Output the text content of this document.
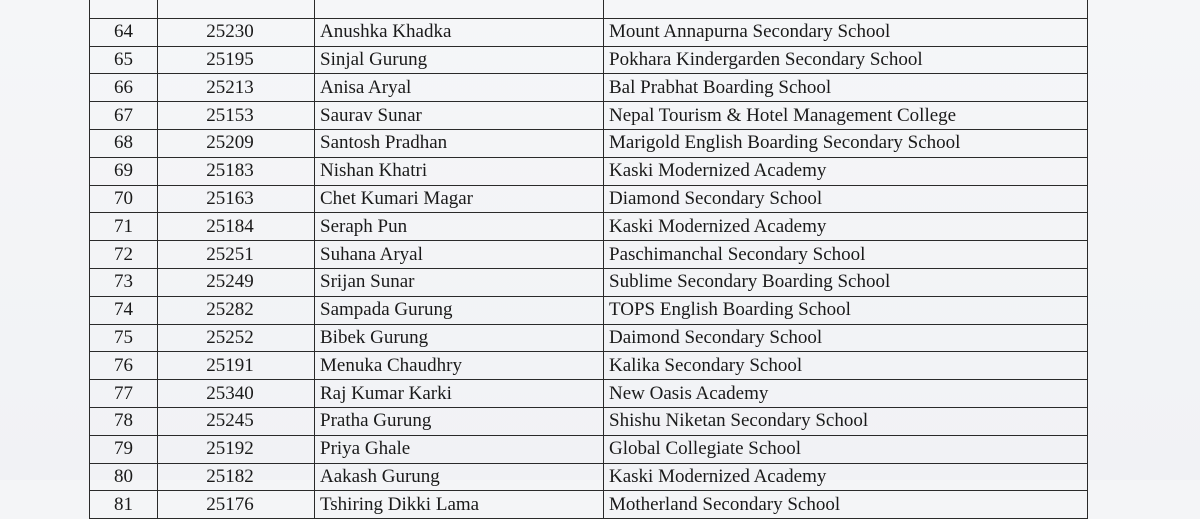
64	25230	Anushka Khadka	Mount Annapurna Secondary School
65	25195	Sinjal Gurung	Pokhara Kindergarden Secondary School
66	25213	Anisa Aryal	Bal Prabhat Boarding School
67	25153	Saurav Sunar	Nepal Tourism & Hotel Management College
68	25209	Santosh Pradhan	Marigold English Boarding Secondary School
69	25183	Nishan Khatri	Kaski Modernized Academy
70	25163	Chet Kumari Magar	Diamond Secondary School
71	25184	Seraph Pun	Kaski Modernized Academy
72	25251	Suhana Aryal	Paschimanchal Secondary School
73	25249	Srijan Sunar	Sublime Secondary Boarding School
74	25282	Sampada Gurung	TOPS English Boarding School
75	25252	Bibek Gurung	Daimond Secondary School
76	25191	Menuka Chaudhry	Kalika Secondary School
77	25340	Raj Kumar Karki	New Oasis Academy
78	25245	Pratha Gurung	Shishu Niketan Secondary School
79	25192	Priya Ghale	Global Collegiate School
80	25182	Aakash Gurung	Kaski Modernized Academy
81	25176	Tshiring Dikki Lama	Motherland Secondary School
